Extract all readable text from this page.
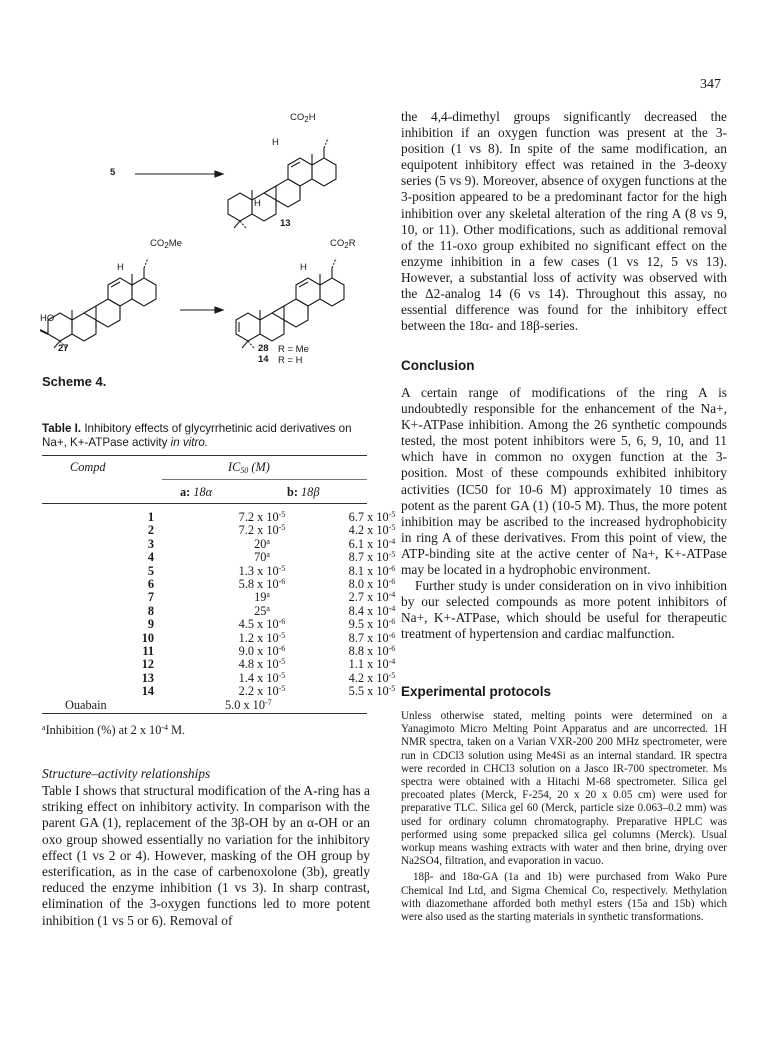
347
$CO_2H$
H
5
H
13
$CO_2Me$
H
HO
27
$CO_2R$
H
28 R = Me
14 R = H
Scheme 4.
Table I. Inhibitory effects of glycyrrhetinic acid derivatives on Na+, K+-ATPase activity in vitro.
Compd	$IC_{50}$ (M)
a: 18α	b: 18β
1	7.2 x $10^{-5}$	6.7 x $10^{-5}$
2	7.2 x $10^{-5}$	4.2 x $10^{-5}$
3	20$^a$	6.1 x $10^{-4}$
4	70$^a$	8.7 x $10^{-5}$
5	1.3 x $10^{-5}$	8.1 x $10^{-6}$
6	5.8 x $10^{-6}$	8.0 x $10^{-6}$
7	19$^a$	2.7 x $10^{-4}$
8	25$^a$	8.4 x $10^{-4}$
9	4.5 x $10^{-6}$	9.5 x $10^{-6}$
10	1.2 x $10^{-5}$	8.7 x $10^{-6}$
11	9.0 x $10^{-6}$	8.8 x $10^{-6}$
12	4.8 x $10^{-5}$	1.1 x $10^{-4}$
13	1.4 x $10^{-5}$	4.2 x $10^{-5}$
14	2.2 x $10^{-5}$	5.5 x $10^{-5}$
Ouabain	5.0 x $10^{-7}$
$^a$Inhibition (%) at 2 x $10^{-4}$ M.
Structure–activity relationships
Table I shows that structural modification of the A-ring has a striking effect on inhibitory activity. In comparison with the parent GA (1), replacement of the 3β-OH by an α-OH or an oxo group showed essentially no variation for the inhibitory effect (1 vs 2 or 4). However, masking of the OH group by esterification, as in the case of carbenoxolone (3b), greatly reduced the enzyme inhibition (1 vs 3). In sharp contrast, elimination of the 3-oxygen functions led to more potent inhibition (1 vs 5 or 6). Removal of
the 4,4-dimethyl groups significantly decreased the inhibition if an oxygen function was present at the 3-position (1 vs 8). In spite of the same modification, an equipotent inhibitory effect was retained in the 3-deoxy series (5 vs 9). Moreover, absence of oxygen functions at the 3-position appeared to be a predominant factor for the high inhibition over any skeletal alteration of the ring A (8 vs 9, 10, or 11). Other modifications, such as additional removal of the 11-oxo group exhibited no significant effect on the enzyme inhibition in a few cases (1 vs 12, 5 vs 13). However, a substantial loss of activity was observed with the Δ2-analog 14 (6 vs 14). Throughout this assay, no essential difference was found for the inhibitory effect between the 18α- and 18β-series.
Conclusion

A certain range of modifications of the ring A is undoubtedly responsible for the enhancement of the Na+, K+-ATPase inhibition. Among the 26 synthetic compounds tested, the most potent inhibitors were 5, 6, 9, 10, and 11 which have in common no oxygen function at the 3-position. Most of these compounds exhibited inhibitory activities (IC50 for 10-6 M) approximately 10 times as potent as the parent GA (1) (10-5 M). Thus, the more potent inhibition may be ascribed to the increased hydrophobicity in ring A of these derivatives. From this point of view, the ATP-binding site at the active center of Na+, K+-ATPase may be located in a hydrophobic environment.

Further study is under consideration on in vivo inhibition by our selected compounds as more potent inhibitors of Na+, K+-ATPase, which should be useful for therapeutic treatment of hypertension and cardiac malfunction.

Experimental protocols

Unless otherwise stated, melting points were determined on a Yanagimoto Micro Melting Point Apparatus and are uncorrected. 1H NMR spectra, taken on a Varian VXR-200 200 MHz spectrometer, were run in CDCl3 solution using Me4Si as an internal standard. IR spectra were recorded in CHCl3 solution on a Jasco IR-700 spectrometer. Ms spectra were obtained with a Hitachi M-68 spectrometer. Silica gel precoated plates (Merck, F-254, 20 x 20 x 0.05 cm) were used for preparative TLC. Silica gel 60 (Merck, particle size 0.063–0.2 mm) was used for ordinary column chromatography. Preparative HPLC was performed using some prepacked silica gel columns (Merck). Usual workup means washing extracts with water and then brine, drying over Na2SO4, filtration, and evaporation in vacuo.

18β- and 18α-GA (1a and 1b) were purchased from Wako Pure Chemical Ind Ltd, and Sigma Chemical Co, respectively. Methylation with diazomethane afforded both methyl esters (15a and 15b) which were also used as the starting materials in synthetic transformations.
